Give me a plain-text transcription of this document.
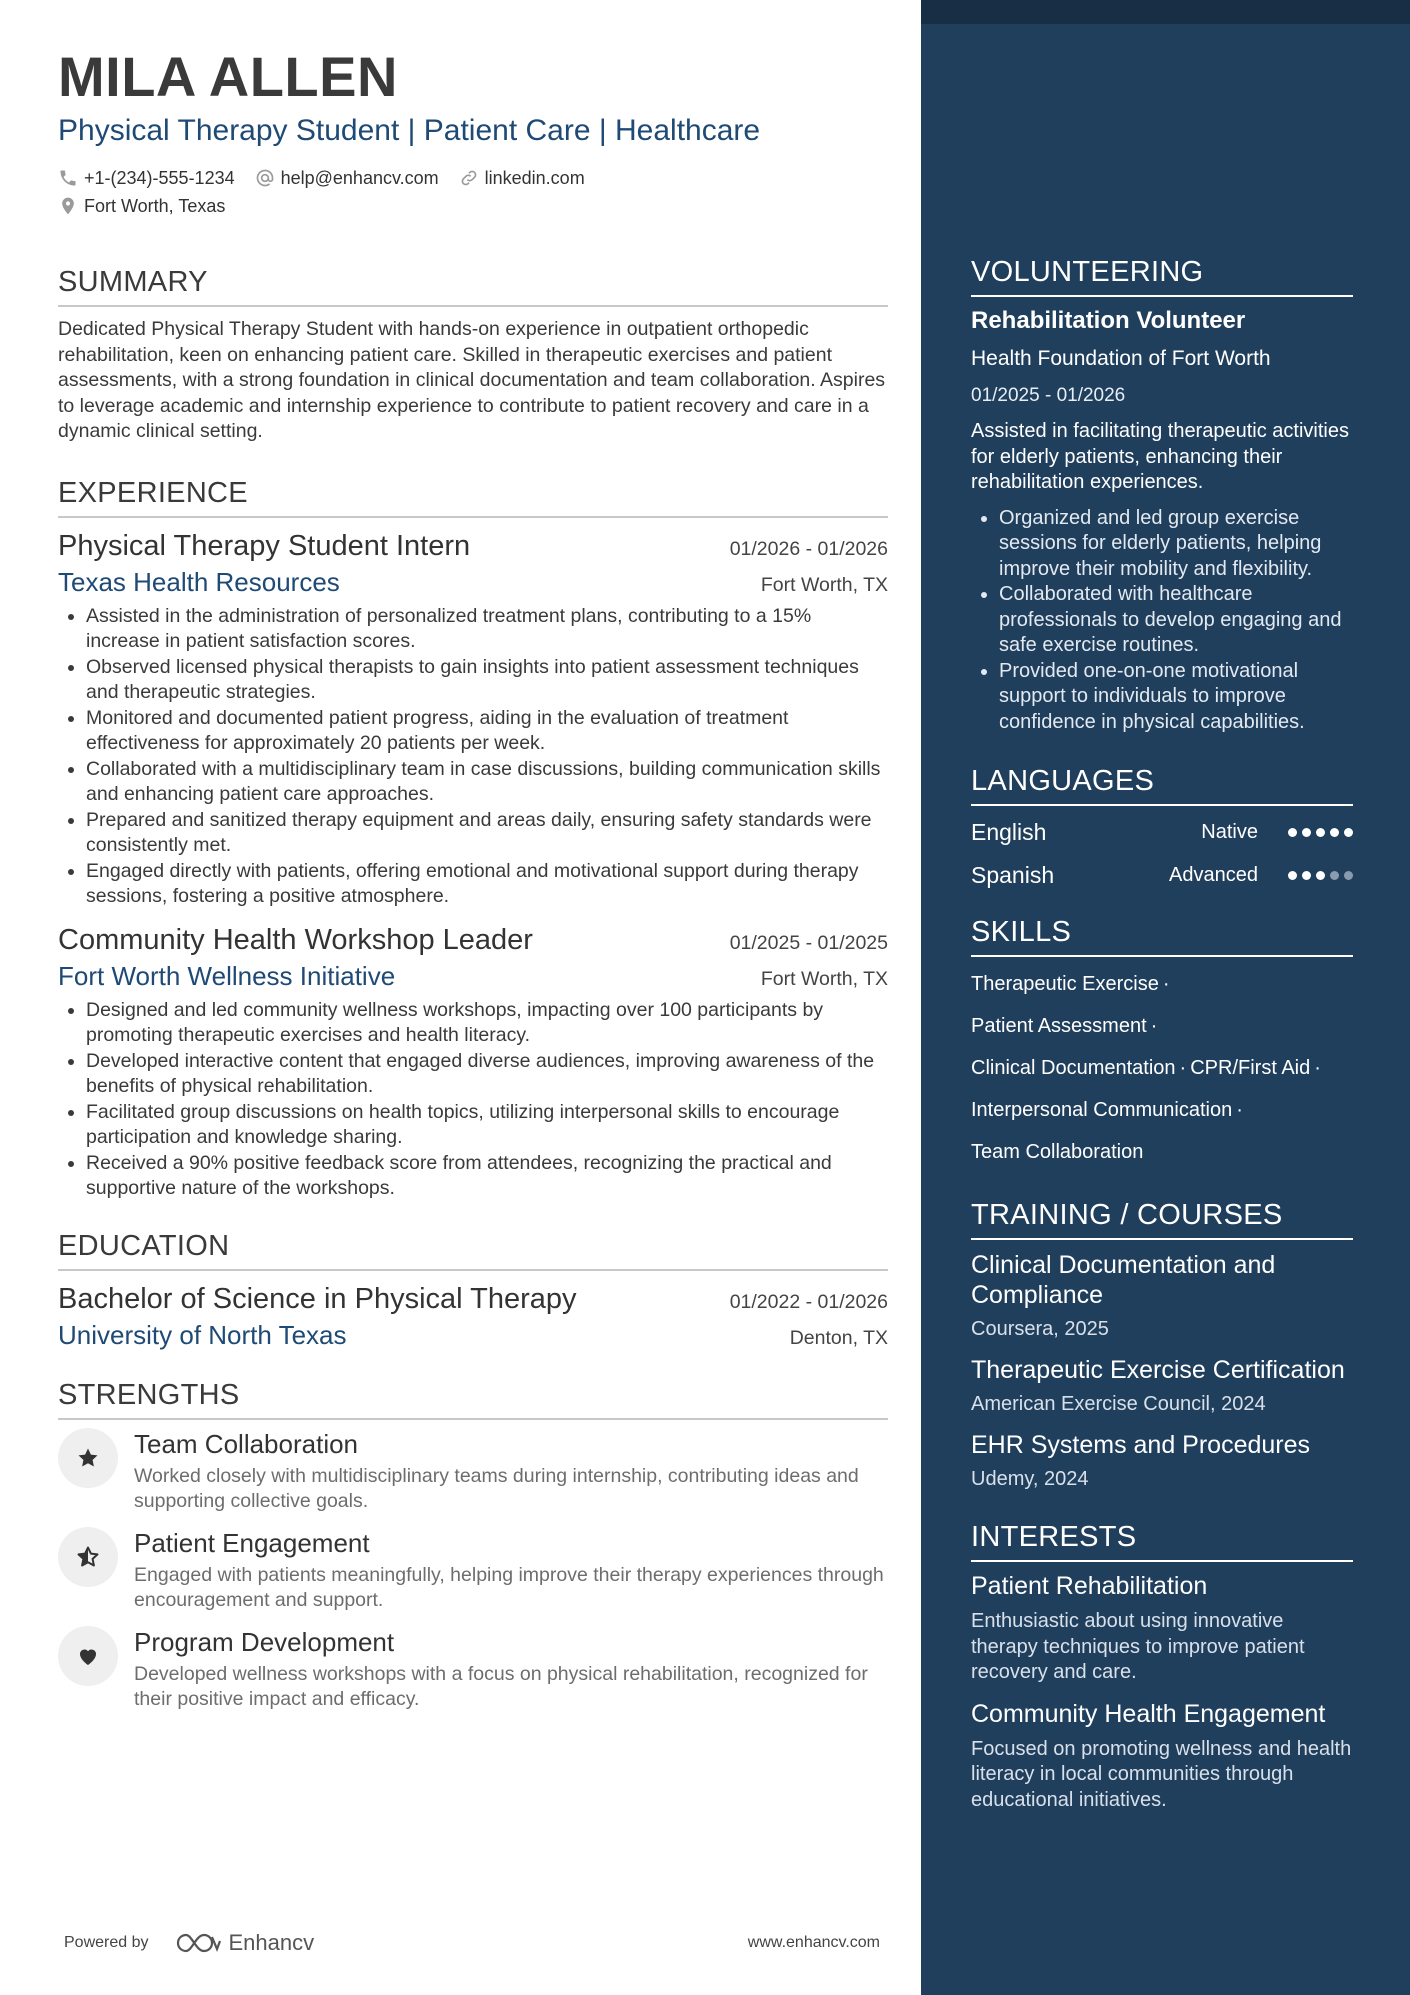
MILA ALLEN
Physical Therapy Student | Patient Care | Healthcare
+1-(234)-555-1234	help@enhancv.com	linkedin.com
Fort Worth, Texas
SUMMARY
Dedicated Physical Therapy Student with hands-on experience in outpatient orthopedic rehabilitation, keen on enhancing patient care. Skilled in therapeutic exercises and patient assessments, with a strong foundation in clinical documentation and team collaboration. Aspires to leverage academic and internship experience to contribute to patient recovery and care in a dynamic clinical setting.
EXPERIENCE
Physical Therapy Student Intern	01/2026 - 01/2026
Texas Health Resources	Fort Worth, TX
• Assisted in the administration of personalized treatment plans, contributing to a 15% increase in patient satisfaction scores.
• Observed licensed physical therapists to gain insights into patient assessment techniques and therapeutic strategies.
• Monitored and documented patient progress, aiding in the evaluation of treatment effectiveness for approximately 20 patients per week.
• Collaborated with a multidisciplinary team in case discussions, building communication skills and enhancing patient care approaches.
• Prepared and sanitized therapy equipment and areas daily, ensuring safety standards were consistently met.
• Engaged directly with patients, offering emotional and motivational support during therapy sessions, fostering a positive atmosphere.
Community Health Workshop Leader	01/2025 - 01/2025
Fort Worth Wellness Initiative	Fort Worth, TX
• Designed and led community wellness workshops, impacting over 100 participants by promoting therapeutic exercises and health literacy.
• Developed interactive content that engaged diverse audiences, improving awareness of the benefits of physical rehabilitation.
• Facilitated group discussions on health topics, utilizing interpersonal skills to encourage participation and knowledge sharing.
• Received a 90% positive feedback score from attendees, recognizing the practical and supportive nature of the workshops.
EDUCATION
Bachelor of Science in Physical Therapy	01/2022 - 01/2026
University of North Texas	Denton, TX
STRENGTHS
Team Collaboration
Worked closely with multidisciplinary teams during internship, contributing ideas and supporting collective goals.
Patient Engagement
Engaged with patients meaningfully, helping improve their therapy experiences through encouragement and support.
Program Development
Developed wellness workshops with a focus on physical rehabilitation, recognized for their positive impact and efficacy.
Powered by	Enhancv	www.enhancv.com
VOLUNTEERING
Rehabilitation Volunteer
Health Foundation of Fort Worth
01/2025 - 01/2026
Assisted in facilitating therapeutic activities for elderly patients, enhancing their rehabilitation experiences.
• Organized and led group exercise sessions for elderly patients, helping improve their mobility and flexibility.
• Collaborated with healthcare professionals to develop engaging and safe exercise routines.
• Provided one-on-one motivational support to individuals to improve confidence in physical capabilities.
LANGUAGES
English	Native
Spanish	Advanced
SKILLS
Therapeutic Exercise ·
Patient Assessment ·
Clinical Documentation · CPR/First Aid ·
Interpersonal Communication ·
Team Collaboration
TRAINING / COURSES
Clinical Documentation and Compliance
Coursera, 2025
Therapeutic Exercise Certification
American Exercise Council, 2024
EHR Systems and Procedures
Udemy, 2024
INTERESTS
Patient Rehabilitation
Enthusiastic about using innovative therapy techniques to improve patient recovery and care.
Community Health Engagement
Focused on promoting wellness and health literacy in local communities through educational initiatives.
